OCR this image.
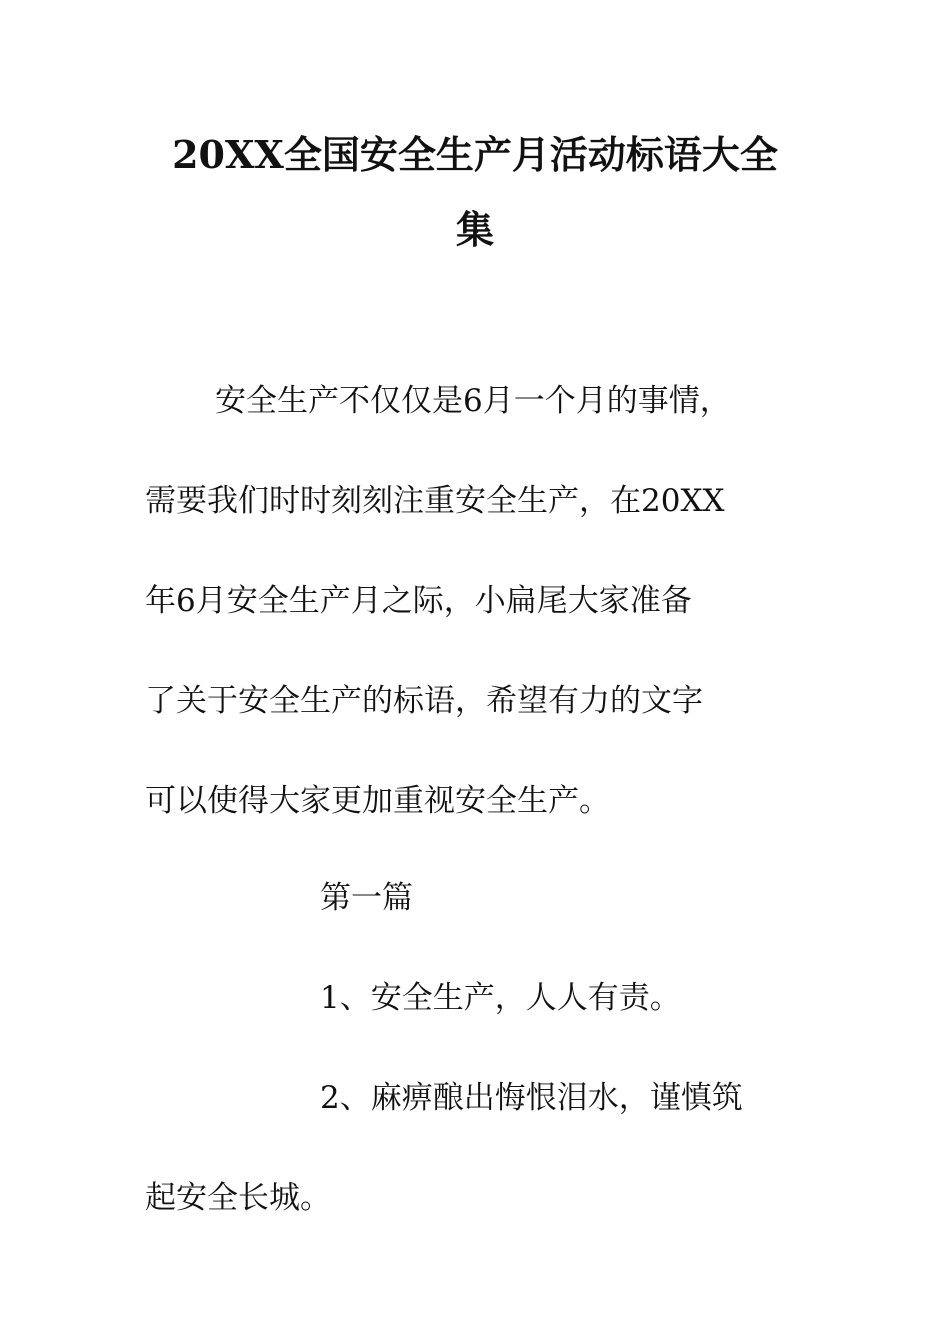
20XX全国安全生产月活动标语大全
集
安全生产不仅仅是6月一个月的事情，
需要我们时时刻刻注重安全生产，在20XX
年6月安全生产月之际，小扁尾大家准备
了关于安全生产的标语，希望有力的文字
可以使得大家更加重视安全生产。
第一篇
1、安全生产，人人有责。
2、麻痹酿出悔恨泪水，谨慎筑
起安全长城。
